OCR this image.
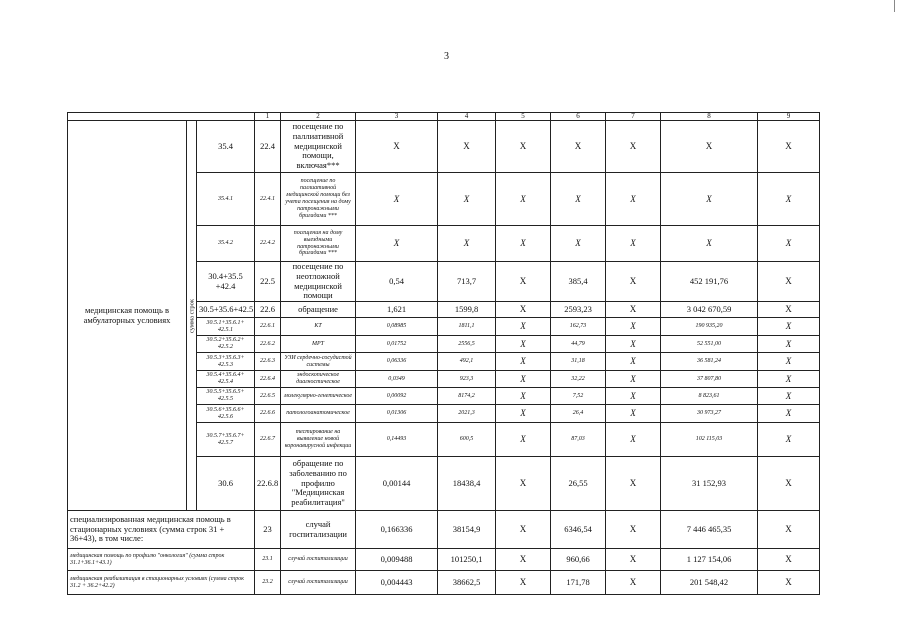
3
			1	2	3	4	5	6	7	8	9
медицинская помощь в амбулаторных условиях	сумма строк	35.4	22.4	посещение по паллиативной медицинской помощи, включая***	X	X	X	X	X	X	X
		35.4.1	22.4.1	посещение по паллиативной медицинской помощи без учета посещения на дому патронажными бригадами ***	X	X	X	X	X	X	X
		35.4.2	22.4.2	посещения на дому выездными патронажными бригадами ***	X	X	X	X	X	X	X
		30.4+35.5 +42.4	22.5	посещение по неотложной медицинской помощи	0,54	713,7	X	385,4	X	452 191,76	X
		30.5+35.6+42.5	22.6	обращение	1,621	1599,8	X	2593,23	X	3 042 670,59	X
		30.5.1+35.6.1+ 42.5.1	22.6.1	КТ	0,08985	1811,1	X	162,73	X	190 935,20	X
		30.5.2+35.6.2+ 42.5.2	22.6.2	МРТ	0,01752	2556,5	X	44,79	X	52 551,00	X
		30.5.3+35.6.3+ 42.5.3	22.6.3	УЗИ сердечно-сосудистой системы	0,06336	492,1	X	31,18	X	36 581,24	X
		30.5.4+35.6.4+ 42.5.4	22.6.4	эндоскопическое диагностическое	0,0349	923,3	X	32,22	X	37 807,80	X
		30.5.5+35.6.5+ 42.5.5	22.6.5	молекулярно-генетическое	0,00092	8174,2	X	7,52	X	8 823,61	X
		30.5.6+35.6.6+ 42.5.6	22.6.6	патологоанатомическое	0,01306	2021,3	X	26,4	X	30 973,27	X
		30.5.7+35.6.7+ 42.5.7	22.6.7	тестирование на выявление новой коронавирусной инфекции	0,14493	600,5	X	87,03	X	102 115,03	X
		30.6	22.6.8	обращение по заболеванию по профилю "Медицинская реабилитация"	0,00144	18438,4	X	26,55	X	31 152,93	X
специализированная медицинская помощь в стационарных условиях (сумма строк 31 + 36+43), в том числе:			23	случай госпитализации	0,166336	38154,9	X	6346,54	X	7 446 465,35	X
медицинская помощь по профилю "онкология" (сумма строк 31.1+36.1+43.1)			23.1	случай госпитализации	0,009488	101250,1	X	960,66	X	1 127 154,06	X
медицинская реабилитация в стационарных условиях (сумма строк 31.2 + 36.2+42.2)			23.2	случай госпитализации	0,004443	38662,5	X	171,78	X	201 548,42	X
